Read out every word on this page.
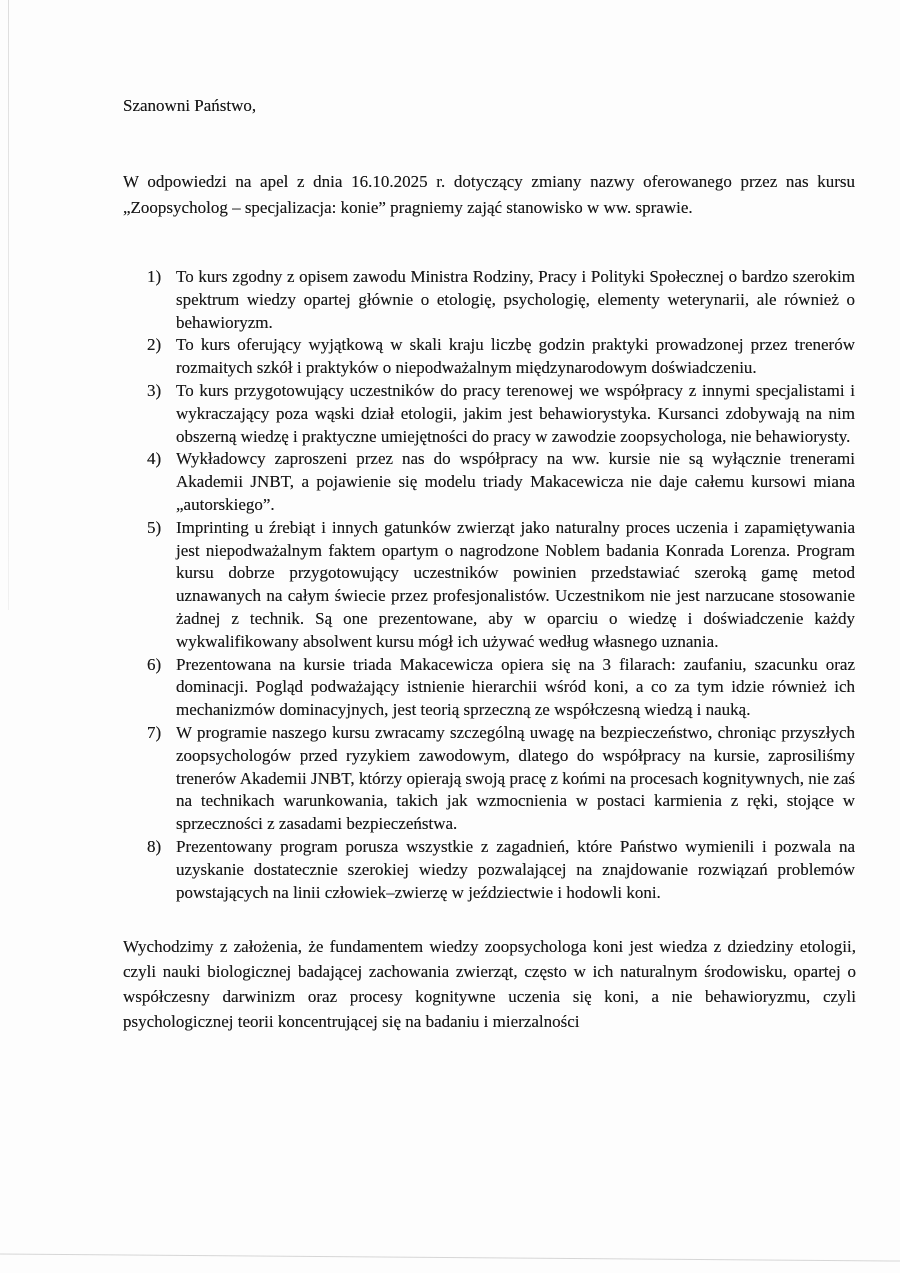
Szanowni Państwo,

W odpowiedzi na apel z dnia 16.10.2025 r. dotyczący zmiany nazwy oferowanego przez nas kursu „Zoopsycholog – specjalizacja: konie” pragniemy zająć stanowisko w ww. sprawie.

1) To kurs zgodny z opisem zawodu Ministra Rodziny, Pracy i Polityki Społecznej o bardzo szerokim spektrum wiedzy opartej głównie o etologię, psychologię, elementy weterynarii, ale również o behawioryzm.
2) To kurs oferujący wyjątkową w skali kraju liczbę godzin praktyki prowadzonej przez trenerów rozmaitych szkół i praktyków o niepodważalnym międzynarodowym doświadczeniu.
3) To kurs przygotowujący uczestników do pracy terenowej we współpracy z innymi specjalistami i wykraczający poza wąski dział etologii, jakim jest behawiorystyka. Kursanci zdobywają na nim obszerną wiedzę i praktyczne umiejętności do pracy w zawodzie zoopsychologa, nie behawiorysty.
4) Wykładowcy zaproszeni przez nas do współpracy na ww. kursie nie są wyłącznie trenerami Akademii JNBT, a pojawienie się modelu triady Makacewicza nie daje całemu kursowi miana „autorskiego”.
5) Imprinting u źrebiąt i innych gatunków zwierząt jako naturalny proces uczenia i zapamiętywania jest niepodważalnym faktem opartym o nagrodzone Noblem badania Konrada Lorenza. Program kursu dobrze przygotowujący uczestników powinien przedstawiać szeroką gamę metod uznawanych na całym świecie przez profesjonalistów. Uczestnikom nie jest narzucane stosowanie żadnej z technik. Są one prezentowane, aby w oparciu o wiedzę i doświadczenie każdy wykwalifikowany absolwent kursu mógł ich używać według własnego uznania.
6) Prezentowana na kursie triada Makacewicza opiera się na 3 filarach: zaufaniu, szacunku oraz dominacji. Pogląd podważający istnienie hierarchii wśród koni, a co za tym idzie również ich mechanizmów dominacyjnych, jest teorią sprzeczną ze współczesną wiedzą i nauką.
7) W programie naszego kursu zwracamy szczególną uwagę na bezpieczeństwo, chroniąc przyszłych zoopsychologów przed ryzykiem zawodowym, dlatego do współpracy na kursie, zaprosiliśmy trenerów Akademii JNBT, którzy opierają swoją pracę z końmi na procesach kognitywnych, nie zaś na technikach warunkowania, takich jak wzmocnienia w postaci karmienia z ręki, stojące w sprzeczności z zasadami bezpieczeństwa.
8) Prezentowany program porusza wszystkie z zagadnień, które Państwo wymienili i pozwala na uzyskanie dostatecznie szerokiej wiedzy pozwalającej na znajdowanie rozwiązań problemów powstających na linii człowiek–zwierzę w jeździectwie i hodowli koni.

Wychodzimy z założenia, że fundamentem wiedzy zoopsychologa koni jest wiedza z dziedziny etologii, czyli nauki biologicznej badającej zachowania zwierząt, często w ich naturalnym środowisku, opartej o współczesny darwinizm oraz procesy kognitywne uczenia się koni, a nie behawioryzmu, czyli psychologicznej teorii koncentrującej się na badaniu i mierzalności
